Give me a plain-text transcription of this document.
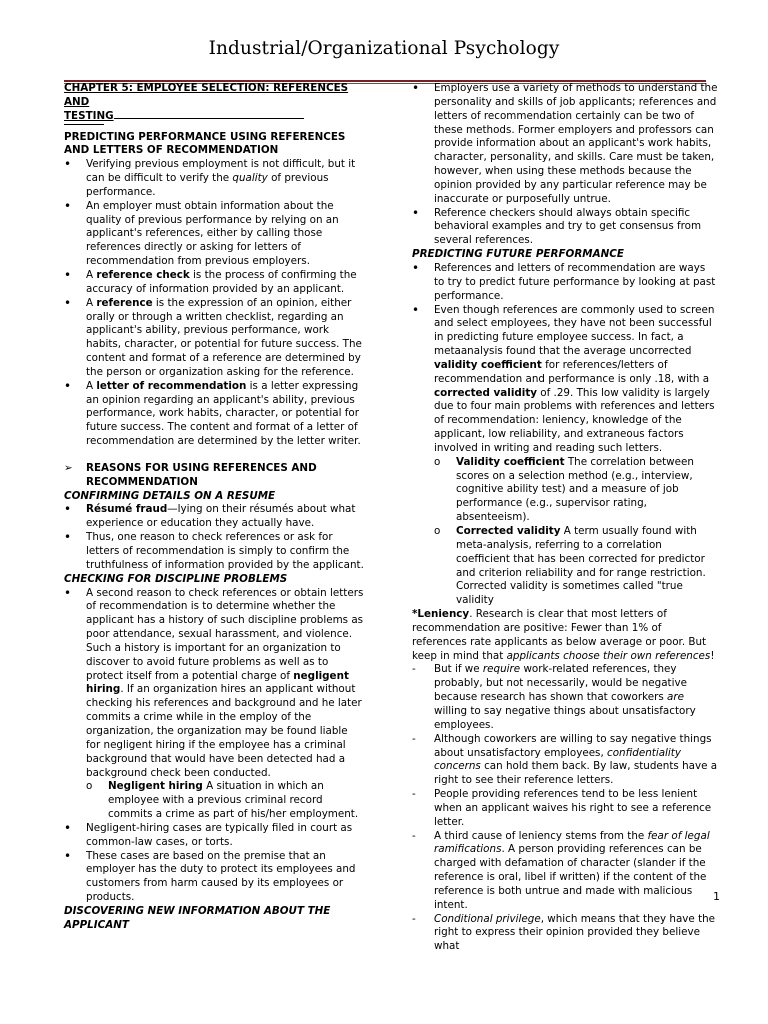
Industrial/Organizational Psychology

CHAPTER 5: EMPLOYEE SELECTION: REFERENCES AND
TESTING

PREDICTING PERFORMANCE USING REFERENCES AND LETTERS OF RECOMMENDATION

•
Verifying previous employment is not difficult, but it can be difficult to verify the quality of previous performance.
•
An employer must obtain information about the quality of previous performance by relying on an applicant's references, either by calling those references directly or asking for letters of recommendation from previous employers.
•
A reference check is the process of confirming the accuracy of information provided by an applicant.
•
A reference is the expression of an opinion, either orally or through a written checklist, regarding an applicant's ability, previous performance, work habits, character, or potential for future success. The content and format of a reference are determined by the person or organization asking for the reference.
•
A letter of recommendation is a letter expressing an opinion regarding an applicant's ability, previous performance, work habits, character, or potential for future success. The content and format of a letter of recommendation are determined by the letter writer.
➢	REASONS FOR USING REFERENCES AND RECOMMENDATION

CONFIRMING DETAILS ON A RESUME

•
Résumé fraud—lying on their résumés about what experience or education they actually have.
•
Thus, one reason to check references or ask for letters of recommendation is simply to confirm the truthfulness of information provided by the applicant.

CHECKING FOR DISCIPLINE PROBLEMS

•
A second reason to check references or obtain letters of recommendation is to determine whether the applicant has a history of such discipline problems as poor attendance, sexual harassment, and violence. Such a history is important for an organization to discover to avoid future problems as well as to protect itself from a potential charge of negligent hiring. If an organization hires an applicant without checking his references and background and he later commits a crime while in the employ of the organization, the organization may be found liable for negligent hiring if the employee has a criminal background that would have been detected had a background check been conducted.
o	Negligent hiring A situation in which an employee with a previous criminal record commits a crime as part of his/her employment.
•
Negligent-hiring cases are typically filed in court as common-law cases, or torts.
•
These cases are based on the premise that an employer has the duty to protect its employees and customers from harm caused by its employees or products.

DISCOVERING NEW INFORMATION ABOUT THE APPLICANT

•
Employers use a variety of methods to understand the personality and skills of job applicants; references and letters of recommendation certainly can be two of these methods. Former employers and professors can provide information about an applicant's work habits, character, personality, and skills. Care must be taken, however, when using these methods because the opinion provided by any particular reference may be inaccurate or purposefully untrue.
•
Reference checkers should always obtain specific behavioral examples and try to get consensus from several references.

PREDICTING FUTURE PERFORMANCE

•
References and letters of recommendation are ways to try to predict future performance by looking at past performance.
•
Even though references are commonly used to screen and select employees, they have not been successful in predicting future employee success. In fact, a metaanalysis found that the average uncorrected validity coefficient for references/letters of recommendation and performance is only .18, with a corrected validity of .29. This low validity is largely due to four main problems with references and letters of recommendation: leniency, knowledge of the applicant, low reliability, and extraneous factors involved in writing and reading such letters.
o	Validity coefficient The correlation between scores on a selection method (e.g., interview, cognitive ability test) and a measure of job performance (e.g., supervisor rating, absenteeism).
o	Corrected validity A term usually found with meta-analysis, referring to a correlation coefficient that has been corrected for predictor and criterion reliability and for range restriction. Corrected validity is sometimes called "true validity

*Leniency. Research is clear that most letters of recommendation are positive: Fewer than 1% of references rate applicants as below average or poor. But keep in mind that applicants choose their own references!

-	But if we require work-related references, they probably, but not necessarily, would be negative because research has shown that coworkers are willing to say negative things about unsatisfactory employees.
-	Although coworkers are willing to say negative things about unsatisfactory employees, confidentiality concerns can hold them back. By law, students have a right to see their reference letters.
-	People providing references tend to be less lenient when an applicant waives his right to see a reference letter.
-	A third cause of leniency stems from the fear of legal ramifications. A person providing references can be charged with defamation of character (slander if the reference is oral, libel if written) if the content of the reference is both untrue and made with malicious intent.
-	Conditional privilege, which means that they have the right to express their opinion provided they believe what
1
